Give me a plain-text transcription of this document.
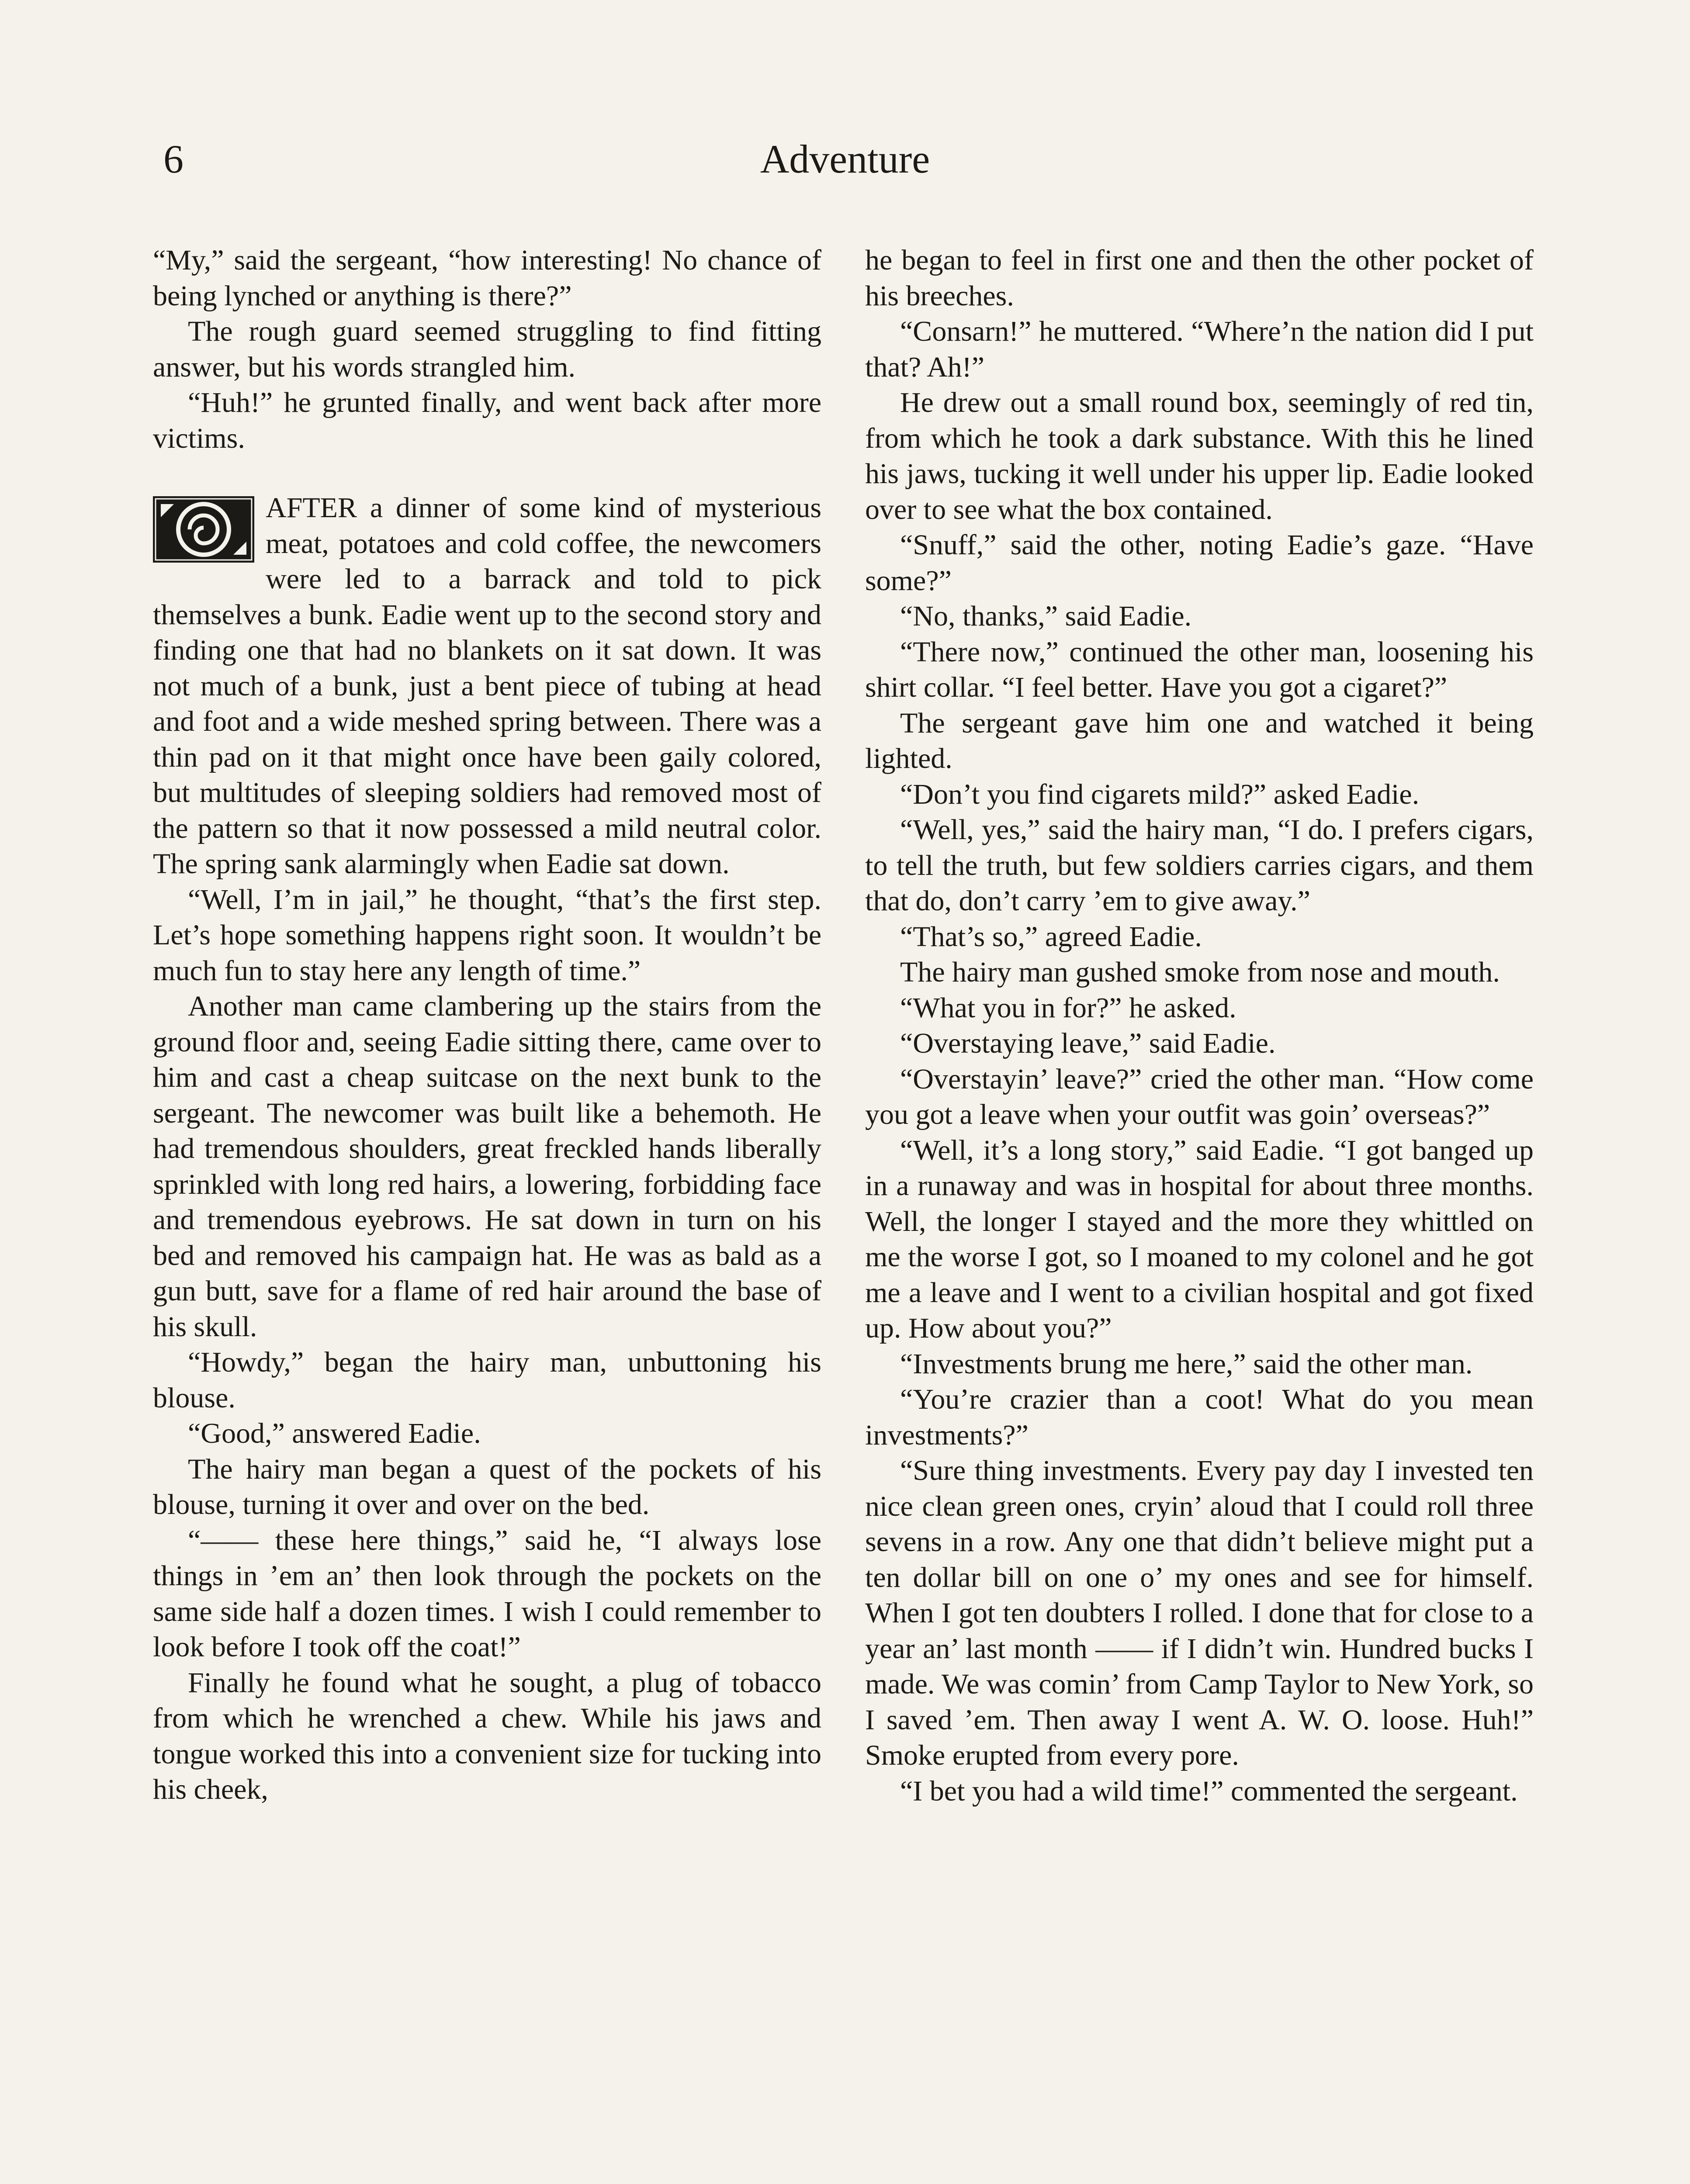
6	Adventure

“My,” said the sergeant, “how interesting! No chance of being lynched or anything is there?”

The rough guard seemed struggling to find fitting answer, but his words strangled him.

“Huh!” he grunted finally, and went back after more victims.

AFTER a dinner of some kind of mysterious meat, potatoes and cold coffee, the newcomers were led to a barrack and told to pick themselves a bunk. Eadie went up to the second story and finding one that had no blankets on it sat down. It was not much of a bunk, just a bent piece of tubing at head and foot and a wide meshed spring between. There was a thin pad on it that might once have been gaily colored, but multitudes of sleeping soldiers had removed most of the pattern so that it now possessed a mild neutral color. The spring sank alarmingly when Eadie sat down.

“Well, I’m in jail,” he thought, “that’s the first step. Let’s hope something happens right soon. It wouldn’t be much fun to stay here any length of time.”

Another man came clambering up the stairs from the ground floor and, seeing Eadie sitting there, came over to him and cast a cheap suitcase on the next bunk to the sergeant. The newcomer was built like a behemoth. He had tremendous shoulders, great freckled hands liberally sprinkled with long red hairs, a lowering, forbidding face and tremendous eyebrows. He sat down in turn on his bed and removed his campaign hat. He was as bald as a gun butt, save for a flame of red hair around the base of his skull.

“Howdy,” began the hairy man, unbuttoning his blouse.

“Good,” answered Eadie.

The hairy man began a quest of the pockets of his blouse, turning it over and over on the bed.

“—— these here things,” said he, “I always lose things in ’em an’ then look through the pockets on the same side half a dozen times. I wish I could remember to look before I took off the coat!”

Finally he found what he sought, a plug of tobacco from which he wrenched a chew. While his jaws and tongue worked this into a convenient size for tucking into his cheek,

he began to feel in first one and then the other pocket of his breeches.

“Consarn!” he muttered. “Where’n the nation did I put that? Ah!”

He drew out a small round box, seemingly of red tin, from which he took a dark substance. With this he lined his jaws, tucking it well under his upper lip. Eadie looked over to see what the box contained.

“Snuff,” said the other, noting Eadie’s gaze. “Have some?”

“No, thanks,” said Eadie.

“There now,” continued the other man, loosening his shirt collar. “I feel better. Have you got a cigaret?”

The sergeant gave him one and watched it being lighted.

“Don’t you find cigarets mild?” asked Eadie.

“Well, yes,” said the hairy man, “I do. I prefers cigars, to tell the truth, but few soldiers carries cigars, and them that do, don’t carry ’em to give away.”

“That’s so,” agreed Eadie.

The hairy man gushed smoke from nose and mouth.

“What you in for?” he asked.

“Overstaying leave,” said Eadie.

“Overstayin’ leave?” cried the other man. “How come you got a leave when your outfit was goin’ overseas?”

“Well, it’s a long story,” said Eadie. “I got banged up in a runaway and was in hospital for about three months. Well, the longer I stayed and the more they whittled on me the worse I got, so I moaned to my colonel and he got me a leave and I went to a civilian hospital and got fixed up. How about you?”

“Investments brung me here,” said the other man.

“You’re crazier than a coot! What do you mean investments?”

“Sure thing investments. Every pay day I invested ten nice clean green ones, cryin’ aloud that I could roll three sevens in a row. Any one that didn’t believe might put a ten dollar bill on one o’ my ones and see for himself. When I got ten doubters I rolled. I done that for close to a year an’ last month —— if I didn’t win. Hundred bucks I made. We was comin’ from Camp Taylor to New York, so I saved ’em. Then away I went A. W. O. loose. Huh!” Smoke erupted from every pore.

“I bet you had a wild time!” commented the sergeant.
